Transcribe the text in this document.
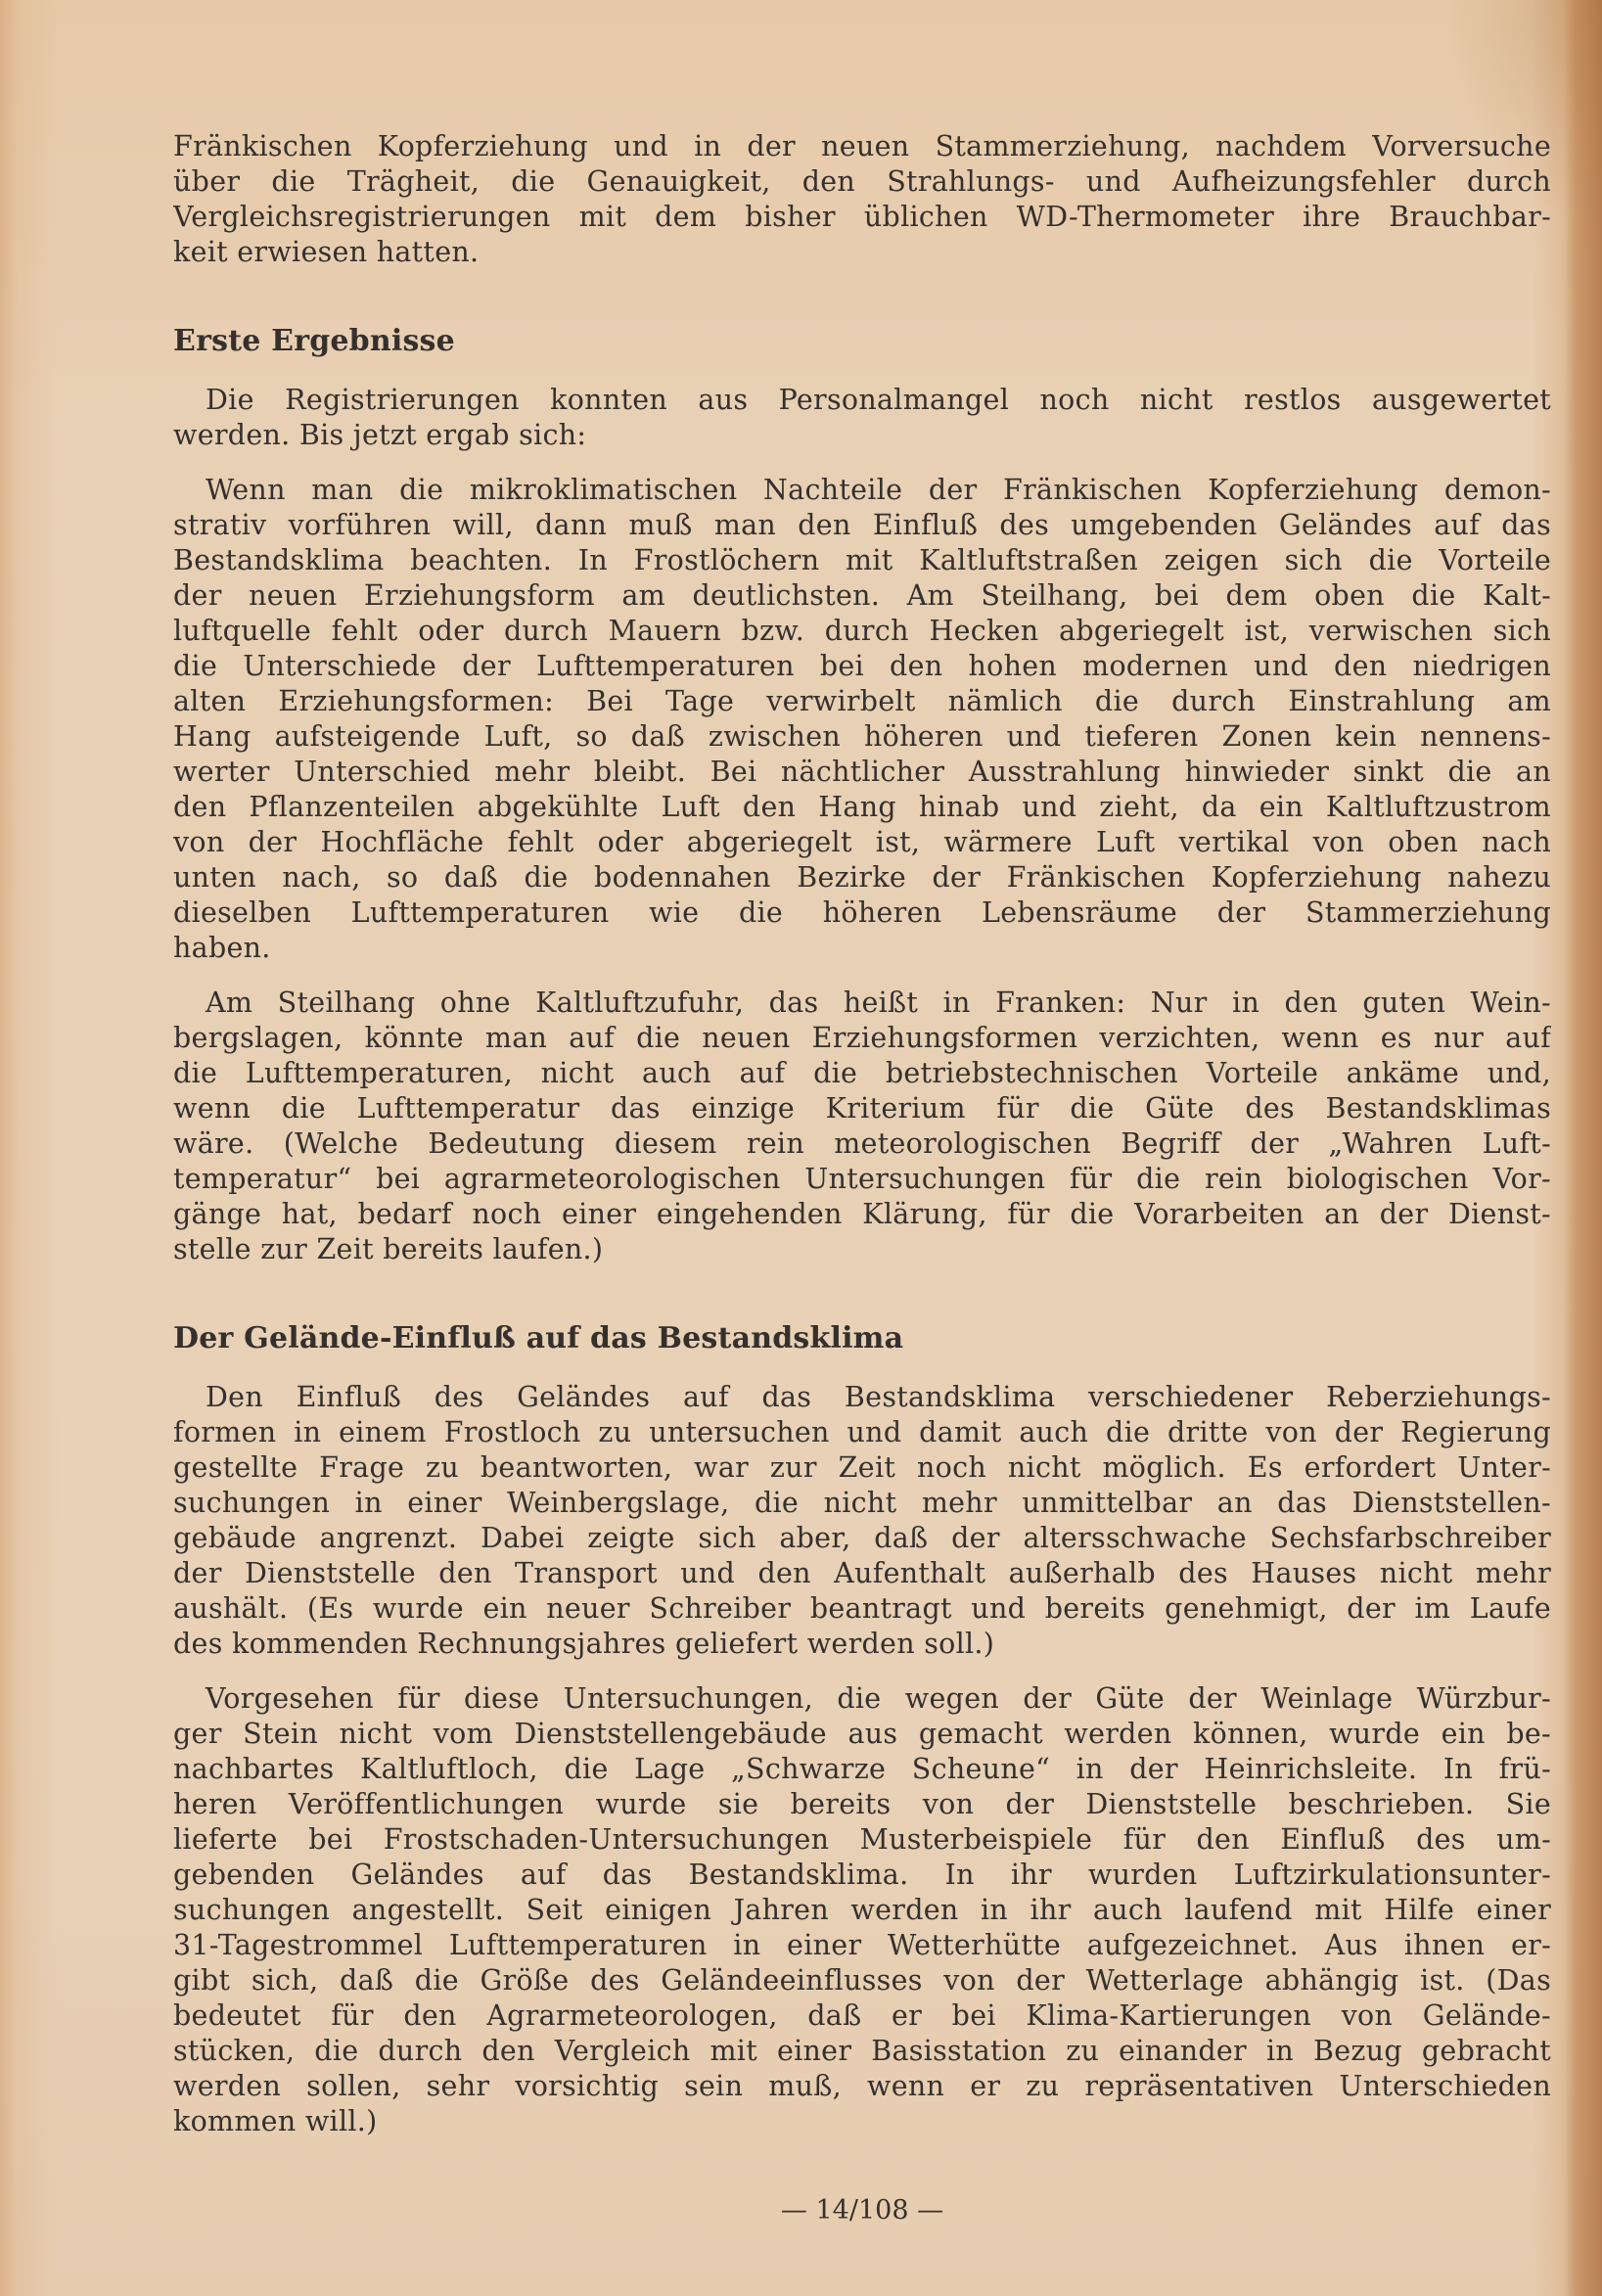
Fränkischen Kopferziehung und in der neuen Stammerziehung, nachdem Vorversuche
über die Trägheit, die Genauigkeit, den Strahlungs- und Aufheizungsfehler durch
Vergleichsregistrierungen mit dem bisher üblichen WD-Thermometer ihre Brauchbar-
keit erwiesen hatten.
Erste Ergebnisse
Die Registrierungen konnten aus Personalmangel noch nicht restlos ausgewertet
werden. Bis jetzt ergab sich:
Wenn man die mikroklimatischen Nachteile der Fränkischen Kopferziehung demon-
strativ vorführen will, dann muß man den Einfluß des umgebenden Geländes auf das
Bestandsklima beachten. In Frostlöchern mit Kaltluftstraßen zeigen sich die Vorteile
der neuen Erziehungsform am deutlichsten. Am Steilhang, bei dem oben die Kalt-
luftquelle fehlt oder durch Mauern bzw. durch Hecken abgeriegelt ist, verwischen sich
die Unterschiede der Lufttemperaturen bei den hohen modernen und den niedrigen
alten Erziehungsformen: Bei Tage verwirbelt nämlich die durch Einstrahlung am
Hang aufsteigende Luft, so daß zwischen höheren und tieferen Zonen kein nennens-
werter Unterschied mehr bleibt. Bei nächtlicher Ausstrahlung hinwieder sinkt die an
den Pflanzenteilen abgekühlte Luft den Hang hinab und zieht, da ein Kaltluftzustrom
von der Hochfläche fehlt oder abgeriegelt ist, wärmere Luft vertikal von oben nach
unten nach, so daß die bodennahen Bezirke der Fränkischen Kopferziehung nahezu
dieselben Lufttemperaturen wie die höheren Lebensräume der Stammerziehung
haben.
Am Steilhang ohne Kaltluftzufuhr, das heißt in Franken: Nur in den guten Wein-
bergslagen, könnte man auf die neuen Erziehungsformen verzichten, wenn es nur auf
die Lufttemperaturen, nicht auch auf die betriebstechnischen Vorteile ankäme und,
wenn die Lufttemperatur das einzige Kriterium für die Güte des Bestandsklimas
wäre. (Welche Bedeutung diesem rein meteorologischen Begriff der „Wahren Luft-
temperatur“ bei agrarmeteorologischen Untersuchungen für die rein biologischen Vor-
gänge hat, bedarf noch einer eingehenden Klärung, für die Vorarbeiten an der Dienst-
stelle zur Zeit bereits laufen.)
Der Gelände-Einfluß auf das Bestandsklima
Den Einfluß des Geländes auf das Bestandsklima verschiedener Reberziehungs-
formen in einem Frostloch zu untersuchen und damit auch die dritte von der Regierung
gestellte Frage zu beantworten, war zur Zeit noch nicht möglich. Es erfordert Unter-
suchungen in einer Weinbergslage, die nicht mehr unmittelbar an das Dienststellen-
gebäude angrenzt. Dabei zeigte sich aber, daß der altersschwache Sechsfarbschreiber
der Dienststelle den Transport und den Aufenthalt außerhalb des Hauses nicht mehr
aushält. (Es wurde ein neuer Schreiber beantragt und bereits genehmigt, der im Laufe
des kommenden Rechnungsjahres geliefert werden soll.)
Vorgesehen für diese Untersuchungen, die wegen der Güte der Weinlage Würzbur-
ger Stein nicht vom Dienststellengebäude aus gemacht werden können, wurde ein be-
nachbartes Kaltluftloch, die Lage „Schwarze Scheune“ in der Heinrichsleite. In frü-
heren Veröffentlichungen wurde sie bereits von der Dienststelle beschrieben. Sie
lieferte bei Frostschaden-Untersuchungen Musterbeispiele für den Einfluß des um-
gebenden Geländes auf das Bestandsklima. In ihr wurden Luftzirkulationsunter-
suchungen angestellt. Seit einigen Jahren werden in ihr auch laufend mit Hilfe einer
31-Tagestrommel Lufttemperaturen in einer Wetterhütte aufgezeichnet. Aus ihnen er-
gibt sich, daß die Größe des Geländeeinflusses von der Wetterlage abhängig ist. (Das
bedeutet für den Agrarmeteorologen, daß er bei Klima-Kartierungen von Gelände-
stücken, die durch den Vergleich mit einer Basisstation zu einander in Bezug gebracht
werden sollen, sehr vorsichtig sein muß, wenn er zu repräsentativen Unterschieden
kommen will.)
— 14/108 —
